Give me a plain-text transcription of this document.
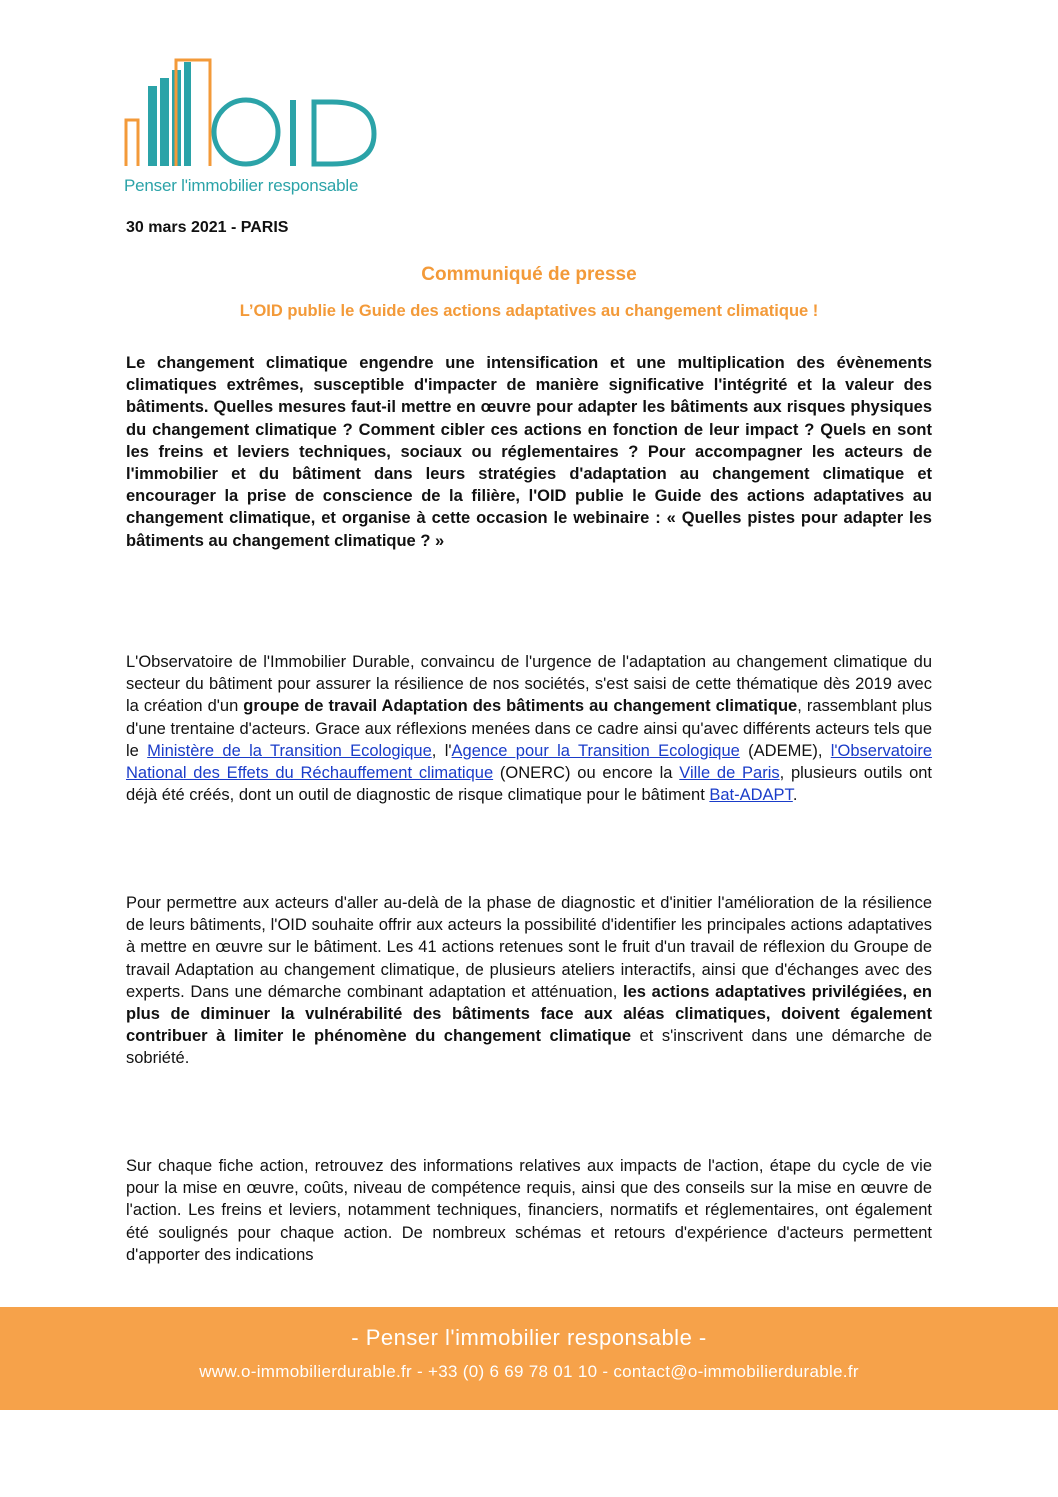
Penser l'immobilier responsable
30 mars 2021 - PARIS
Communiqué de presse
L’OID publie le Guide des actions adaptatives au changement climatique !
Le changement climatique engendre une intensification et une multiplication des évènements climatiques extrêmes, susceptible d'impacter de manière significative l'intégrité et la valeur des bâtiments. Quelles mesures faut-il mettre en œuvre pour adapter les bâtiments aux risques physiques du changement climatique ? Comment cibler ces actions en fonction de leur impact ? Quels en sont les freins et leviers techniques, sociaux ou réglementaires ? Pour accompagner les acteurs de l'immobilier et du bâtiment dans leurs stratégies d'adaptation au changement climatique et encourager la prise de conscience de la filière, l'OID publie le Guide des actions adaptatives au changement climatique, et organise à cette occasion le webinaire : « Quelles pistes pour adapter les bâtiments au changement climatique ? »
L'Observatoire de l'Immobilier Durable, convaincu de l'urgence de l'adaptation au changement climatique du secteur du bâtiment pour assurer la résilience de nos sociétés, s'est saisi de cette thématique dès 2019 avec la création d'un groupe de travail Adaptation des bâtiments au changement climatique, rassemblant plus d'une trentaine d'acteurs. Grace aux réflexions menées dans ce cadre ainsi qu'avec différents acteurs tels que le Ministère de la Transition Ecologique, l'Agence pour la Transition Ecologique (ADEME), l'Observatoire National des Effets du Réchauffement climatique (ONERC) ou encore la Ville de Paris, plusieurs outils ont déjà été créés, dont un outil de diagnostic de risque climatique pour le bâtiment Bat-ADAPT.
Pour permettre aux acteurs d'aller au-delà de la phase de diagnostic et d'initier l'amélioration de la résilience de leurs bâtiments, l'OID souhaite offrir aux acteurs la possibilité d'identifier les principales actions adaptatives à mettre en œuvre sur le bâtiment. Les 41 actions retenues sont le fruit d'un travail de réflexion du Groupe de travail Adaptation au changement climatique, de plusieurs ateliers interactifs, ainsi que d'échanges avec des experts. Dans une démarche combinant adaptation et atténuation, les actions adaptatives privilégiées, en plus de diminuer la vulnérabilité des bâtiments face aux aléas climatiques, doivent également contribuer à limiter le phénomène du changement climatique et s'inscrivent dans une démarche de sobriété.
Sur chaque fiche action, retrouvez des informations relatives aux impacts de l'action, étape du cycle de vie pour la mise en œuvre, coûts, niveau de compétence requis, ainsi que des conseils sur la mise en œuvre de l'action. Les freins et leviers, notamment techniques, financiers, normatifs et réglementaires, ont également été soulignés pour chaque action. De nombreux schémas et retours d'expérience d'acteurs permettent d'apporter des indications
- Penser l'immobilier responsable -
www.o-immobilierdurable.fr - +33 (0) 6 69 78 01 10 - contact@o-immobilierdurable.fr
